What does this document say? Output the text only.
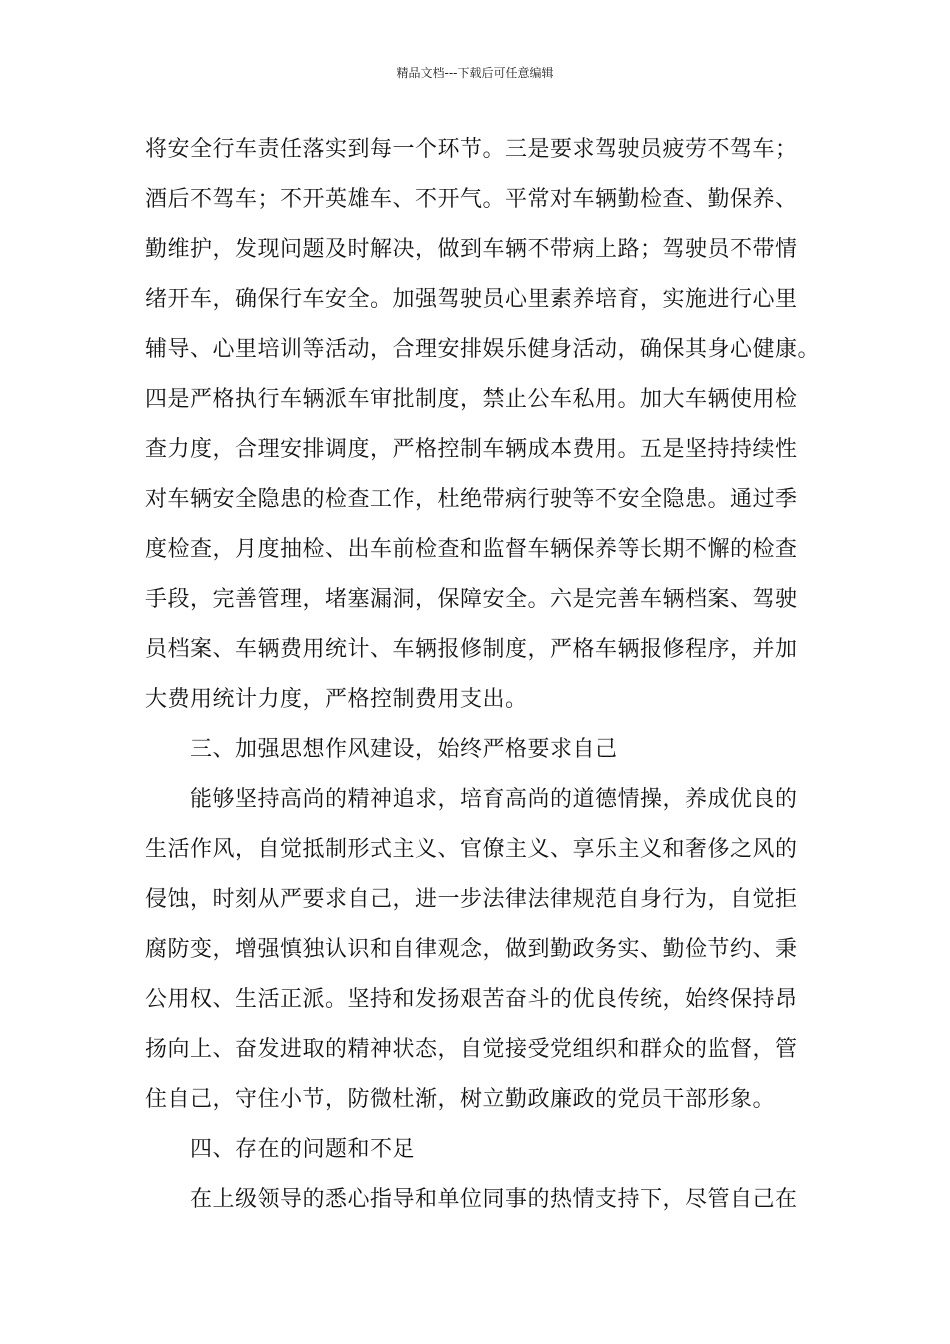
精品文档---下载后可任意编辑
将安全行车责任落实到每一个环节。三是要求驾驶员疲劳不驾车；
酒后不驾车；不开英雄车、不开气。平常对车辆勤检查、勤保养、
勤维护，发现问题及时解决，做到车辆不带病上路；驾驶员不带情
绪开车，确保行车安全。加强驾驶员心里素养培育，实施进行心里
辅导、心里培训等活动，合理安排娱乐健身活动，确保其身心健康。
四是严格执行车辆派车审批制度，禁止公车私用。加大车辆使用检
查力度，合理安排调度，严格控制车辆成本费用。五是坚持持续性
对车辆安全隐患的检查工作，杜绝带病行驶等不安全隐患。通过季
度检查，月度抽检、出车前检查和监督车辆保养等长期不懈的检查
手段，完善管理，堵塞漏洞，保障安全。六是完善车辆档案、驾驶
员档案、车辆费用统计、车辆报修制度，严格车辆报修程序，并加
大费用统计力度，严格控制费用支出。
三、加强思想作风建设，始终严格要求自己
能够坚持高尚的精神追求，培育高尚的道德情操，养成优良的
生活作风，自觉抵制形式主义、官僚主义、享乐主义和奢侈之风的
侵蚀，时刻从严要求自己，进一步法律法律规范自身行为，自觉拒
腐防变，增强慎独认识和自律观念，做到勤政务实、勤俭节约、秉
公用权、生活正派。坚持和发扬艰苦奋斗的优良传统，始终保持昂
扬向上、奋发进取的精神状态，自觉接受党组织和群众的监督，管
住自己，守住小节，防微杜渐，树立勤政廉政的党员干部形象。
四、存在的问题和不足
在上级领导的悉心指导和单位同事的热情支持下，尽管自己在
